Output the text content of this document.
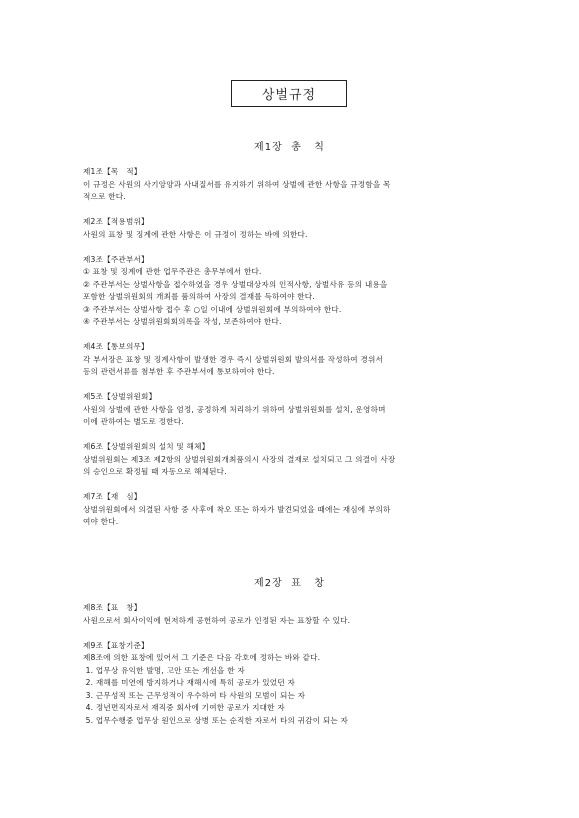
상벌규정
제1장  총   칙
제1조【목   적】
이 규정은 사원의 사기앙양과 사내질서를 유지하기 위하여 상벌에 관한 사항을 규정함을 목
적으로 한다.
제2조【적용범위】
사원의 표창 및 징계에 관한 사항은 이 규정이 정하는 바에 의한다.
제3조【주관부서】
① 표창 및 징계에 관한 업무주관은 총무부에서 한다.
② 주관부서는 상벌사항을 접수하였을 경우 상벌대상자의 인적사항, 상벌사유 등의 내용을
포함한 상벌위원회의 개최를 품의하여 사장의 결재를 득하여야 한다.
③ 주관부서는 상벌사항 접수 후 ○일 이내에 상벌위원회에 부의하여야 한다.
④ 주관부서는 상벌위원회회의록을 작성, 보존하여야 한다.
제4조【통보의무】
각 부서장은 표창 및 징계사항이 발생한 경우 즉시 상벌위원회 발의서를 작성하여 경위서
등의 관련서류를 첨부한 후 주관부서에 통보하여야 한다.
제5조【상벌위원회】
사원의 상벌에 관한 사항을 엄정, 공정하게 처리하기 위하여 상벌위원회를 설치, 운영하며
이에 관하여는 별도로 정한다.
제6조【상벌위원회의 설치 및 해체】
상벌위원회는 제3조 제2항의 상벌위원회개최품의시 사장의 결재로 설치되고 그 의결이 사장
의 승인으로 확정될 때 자동으로 해체된다.
제7조【재   심】
상벌위원회에서 의결된 사항 중 사후에 착오 또는 하자가 발견되었을 때에는 재심에 부의하
여야 한다.
제2장  표   창
제8조【표   창】
사원으로서 회사이익에 현저하게 공헌하여 공로가 인정된 자는 표창할 수 있다.
제9조【표창기준】
제8조에 의한 표창에 있어서 그 기준은 다음 각호에 정하는 바와 같다.
1. 업무상 유익한 발명, 고안 또는 개선을 한 자
2. 재해를 미연에 방지하거나 재해시에 특히 공로가 있었던 자
3. 근무성적 또는 근무성적이 우수하여 타 사원의 모범이 되는 자
4. 정년면직자로서 재직중 회사에 기여한 공로가 지대한 자
5. 업무수행중 업무상 원인으로 상병 또는 순직한 자로서 타의 귀감이 되는 자
